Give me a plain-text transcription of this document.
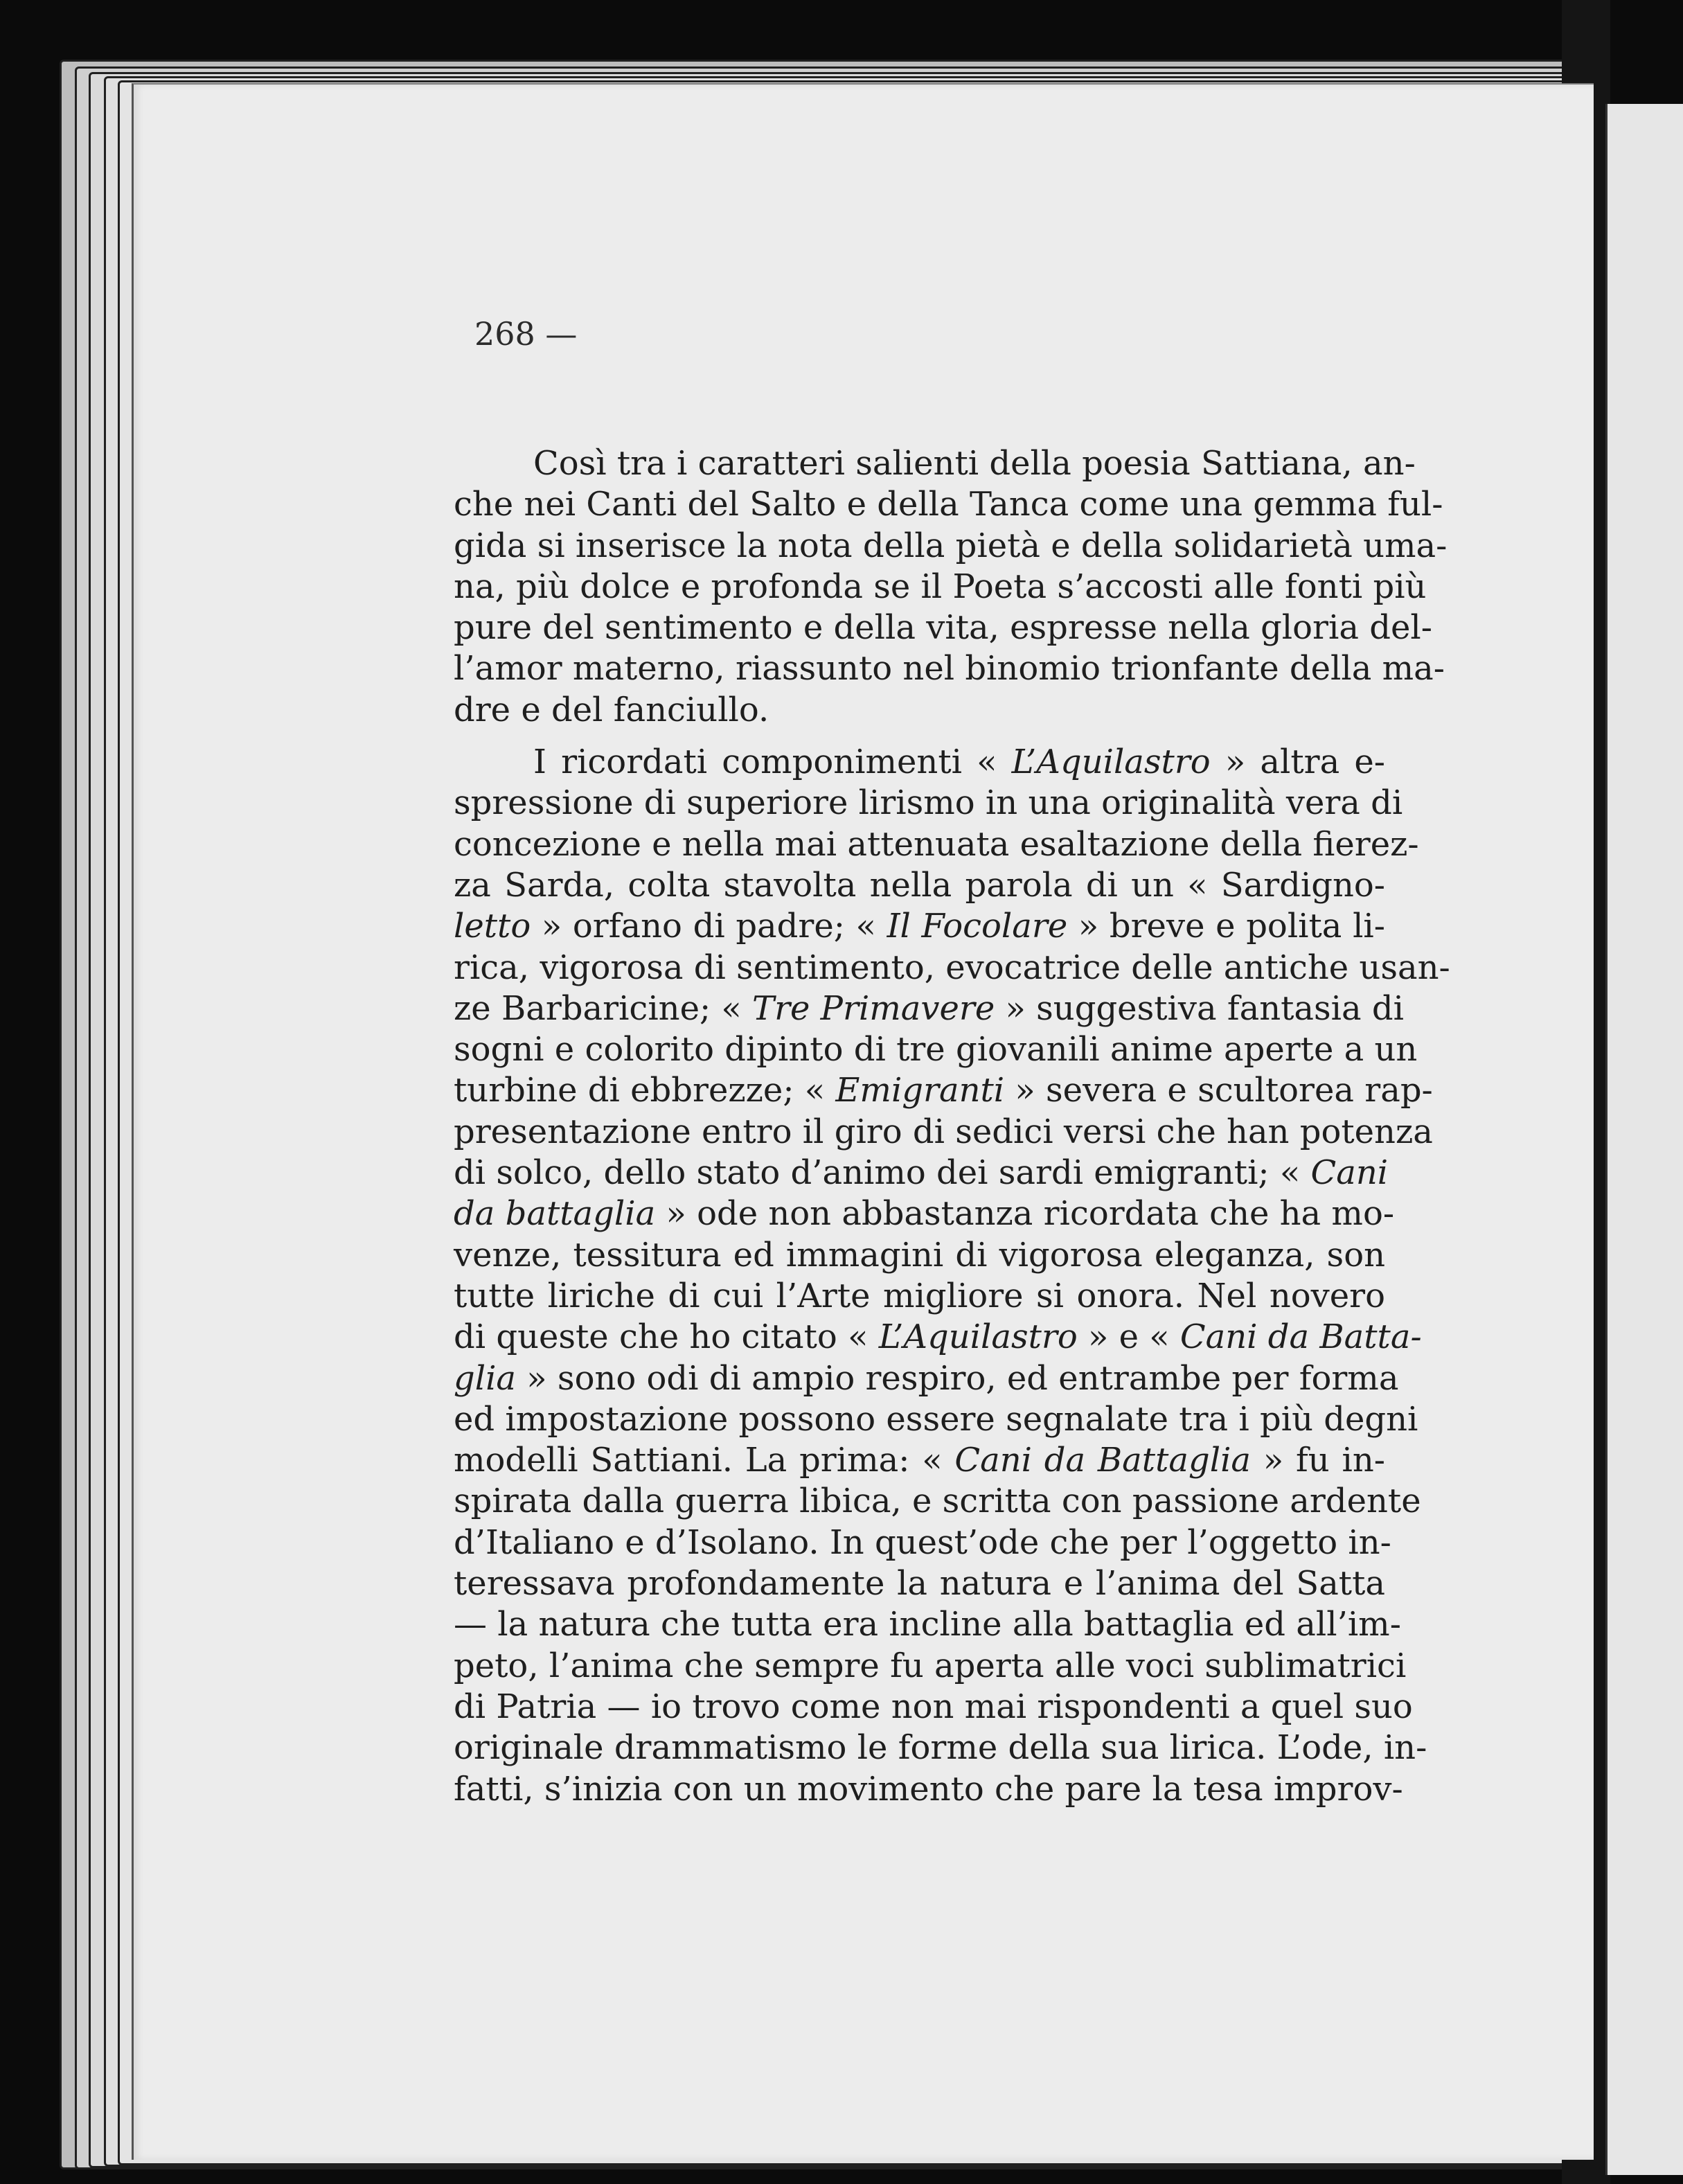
268 —
Così tra i caratteri salienti della poesia Sattiana, an-
che nei Canti del Salto e della Tanca come una gemma ful-
gida si inserisce la nota della pietà e della solidarietà uma-
na, più dolce e profonda se il Poeta s’accosti alle fonti più
pure del sentimento e della vita, espresse nella gloria del-
l’amor materno, riassunto nel binomio trionfante della ma-
dre e del fanciullo.
I ricordati componimenti « L’Aquilastro » altra e-
spressione di superiore lirismo in una originalità vera di
concezione e nella mai attenuata esaltazione della fierez-
za Sarda, colta stavolta nella parola di un « Sardigno-
letto » orfano di padre; « Il Focolare » breve e polita li-
rica, vigorosa di sentimento, evocatrice delle antiche usan-
ze Barbaricine; « Tre Primavere » suggestiva fantasia di
sogni e colorito dipinto di tre giovanili anime aperte a un
turbine di ebbrezze; « Emigranti » severa e scultorea rap-
presentazione entro il giro di sedici versi che han potenza
di solco, dello stato d’animo dei sardi emigranti; « Cani
da battaglia » ode non abbastanza ricordata che ha mo-
venze, tessitura ed immagini di vigorosa eleganza, son
tutte liriche di cui l’Arte migliore si onora. Nel novero
di queste che ho citato « L’Aquilastro » e « Cani da Batta-
glia » sono odi di ampio respiro, ed entrambe per forma
ed impostazione possono essere segnalate tra i più degni
modelli Sattiani. La prima: « Cani da Battaglia » fu in-
spirata dalla guerra libica, e scritta con passione ardente
d’Italiano e d’Isolano. In quest’ode che per l’oggetto in-
teressava profondamente la natura e l’anima del Satta
— la natura che tutta era incline alla battaglia ed all’im-
peto, l’anima che sempre fu aperta alle voci sublimatrici
di Patria — io trovo come non mai rispondenti a quel suo
originale drammatismo le forme della sua lirica. L’ode, in-
fatti, s’inizia con un movimento che pare la tesa improv-
